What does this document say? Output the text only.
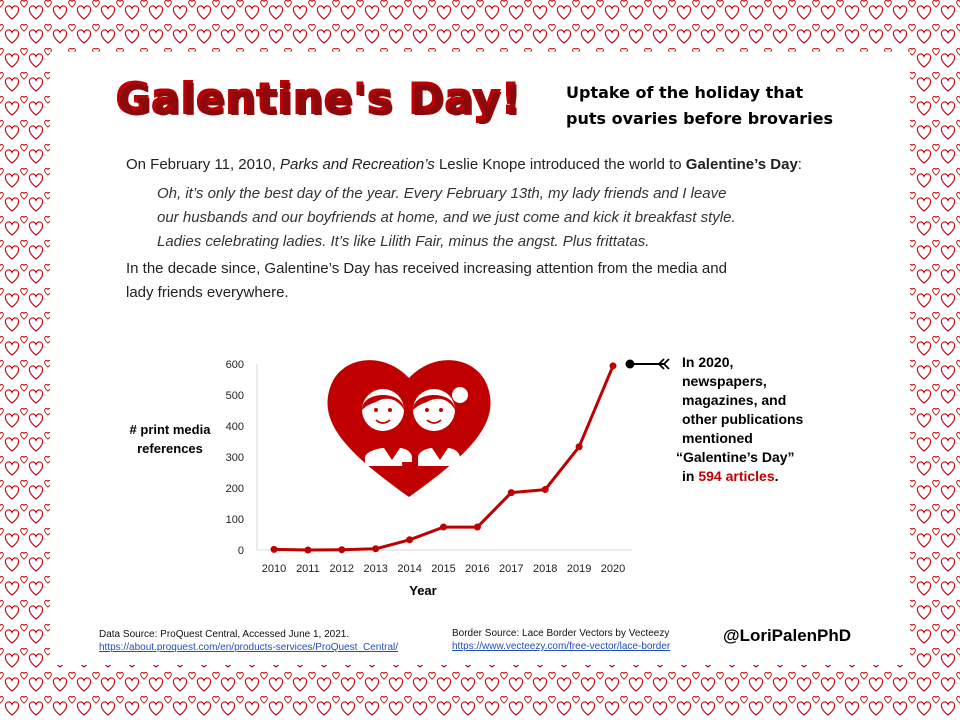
Galentine's Day!	Uptake of the holiday that
puts ovaries before brovaries
On February 11, 2010, Parks and Recreation’s Leslie Knope introduced the world to Galentine’s Day:
Oh, it’s only the best day of the year. Every February 13th, my lady friends and I leave
our husbands and our boyfriends at home, and we just come and kick it breakfast style.
Ladies celebrating ladies. It’s like Lilith Fair, minus the angst. Plus frittatas.
In the decade since, Galentine’s Day has received increasing attention from the media and
lady friends everywhere.
0
100
200
300
400
500
600
2010 2011 2012 2013 2014 2015 2016 2017 2018 2019 2020
Year
# print media
references
In 2020,
newspapers,
magazines, and
other publications
mentioned
“Galentine’s Day”
in 594 articles.
Data Source: ProQuest Central, Accessed June 1, 2021.
https://about.proquest.com/en/products-services/ProQuest_Central/
Border Source: Lace Border Vectors by Vecteezy
https://www.vecteezy.com/free-vector/lace-border
@LoriPalenPhD
